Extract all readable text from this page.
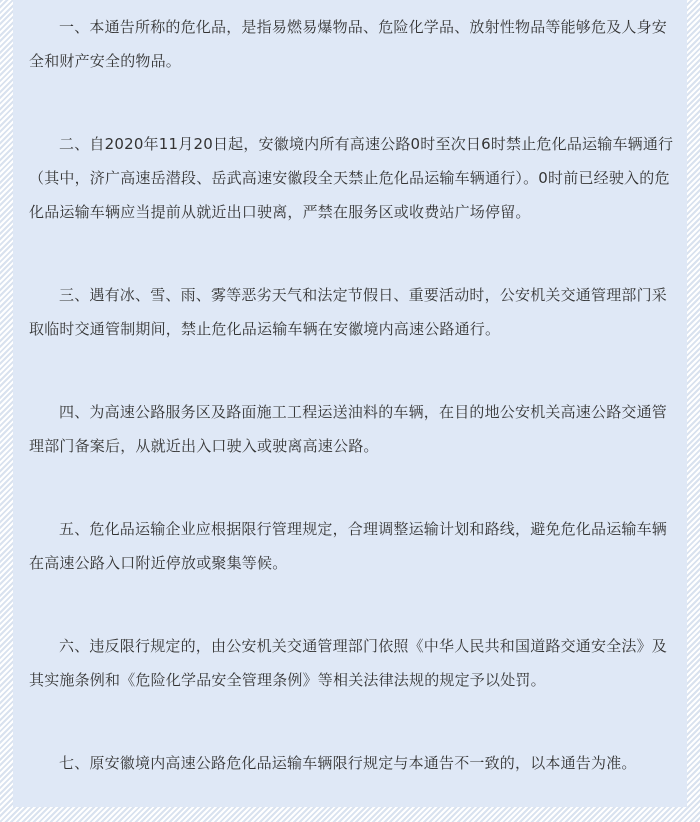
一、本通告所称的危化品，是指易燃易爆物品、危险化学品、放射性物品等能够危及人身安全和财产安全的物品。

二、自2020年11月20日起，安徽境内所有高速公路0时至次日6时禁止危化品运输车辆通行（其中，济广高速岳潜段、岳武高速安徽段全天禁止危化品运输车辆通行）。0时前已经驶入的危化品运输车辆应当提前从就近出口驶离，严禁在服务区或收费站广场停留。

三、遇有冰、雪、雨、雾等恶劣天气和法定节假日、重要活动时，公安机关交通管理部门采取临时交通管制期间，禁止危化品运输车辆在安徽境内高速公路通行。

四、为高速公路服务区及路面施工工程运送油料的车辆，在目的地公安机关高速公路交通管理部门备案后，从就近出入口驶入或驶离高速公路。

五、危化品运输企业应根据限行管理规定，合理调整运输计划和路线，避免危化品运输车辆在高速公路入口附近停放或聚集等候。

六、违反限行规定的，由公安机关交通管理部门依照《中华人民共和国道路交通安全法》及其实施条例和《危险化学品安全管理条例》等相关法律法规的规定予以处罚。

七、原安徽境内高速公路危化品运输车辆限行规定与本通告不一致的，以本通告为准。
